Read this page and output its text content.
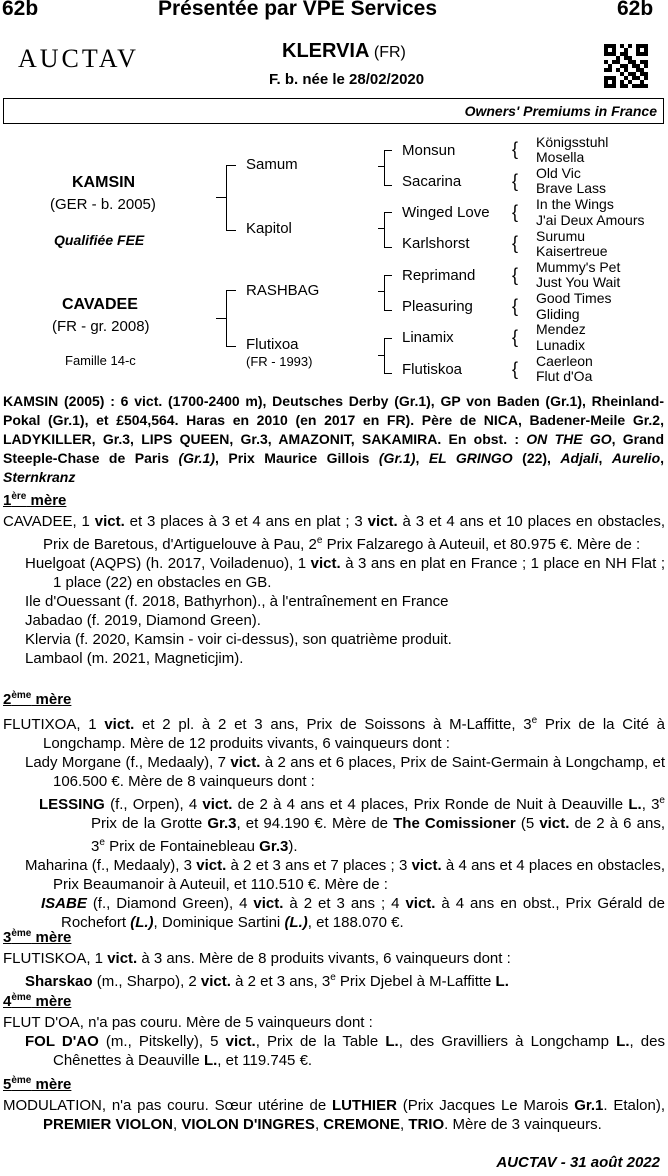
62b	Présentée par VPE Services	62b
AUCTAV	KLERVIA (FR)
F. b. née le 28/02/2020
Owners' Premiums in France
KAMSIN
(GER - b. 2005)
Qualifiée FEE
CAVADEE
(FR - gr. 2008)
Famille 14-c
Samum
Kapitol
RASHBAG
Flutixoa
(FR - 1993)
Monsun
Sacarina
Winged Love
Karlshorst
Reprimand
Pleasuring
Linamix
Flutiskoa
{
{
{
{
{
{
{
{
Königsstuhl
Mosella
Old Vic
Brave Lass
In the Wings
J'ai Deux Amours
Surumu
Kaisertreue
Mummy's Pet
Just You Wait
Good Times
Gliding
Mendez
Lunadix
Caerleon
Flut d'Oa
KAMSIN (2005) : 6 vict. (1700-2400 m), Deutsches Derby (Gr.1), GP von Baden (Gr.1), Rheinland-Pokal (Gr.1), et £504,564. Haras en 2010 (en 2017 en FR). Père de NICA, Badener-Meile Gr.2, LADYKILLER, Gr.3, LIPS QUEEN, Gr.3, AMAZONIT, SAKAMIRA. En obst. : ON THE GO, Grand Steeple-Chase de Paris (Gr.1), Prix Maurice Gillois (Gr.1), EL GRINGO (22), Adjali, Aurelio, Sternkranz
1ère mère
CAVADEE, 1 vict. et 3 places à 3 et 4 ans en plat ; 3 vict. à 3 et 4 ans et 10 places en obstacles, Prix de Baretous, d'Artiguelouve à Pau, 2e Prix Falzarego à Auteuil, et 80.975 €. Mère de :
Huelgoat (AQPS) (h. 2017, Voiladenuo), 1 vict. à 3 ans en plat en France ; 1 place en NH Flat ; 1 place (22) en obstacles en GB.
Ile d'Ouessant (f. 2018, Bathyrhon)., à l'entraînement en France
Jabadao (f. 2019, Diamond Green).
Klervia (f. 2020, Kamsin - voir ci-dessus), son quatrième produit.
Lambaol (m. 2021, Magneticjim).
2ème mère
FLUTIXOA, 1 vict. et 2 pl. à 2 et 3 ans, Prix de Soissons à M-Laffitte, 3e Prix de la Cité à Longchamp. Mère de 12 produits vivants, 6 vainqueurs dont :
Lady Morgane (f., Medaaly), 7 vict. à 2 ans et 6 places, Prix de Saint-Germain à Longchamp, et 106.500 €. Mère de 8 vainqueurs dont :
LESSING (f., Orpen), 4 vict. de 2 à 4 ans et 4 places, Prix Ronde de Nuit à Deauville L., 3e Prix de la Grotte Gr.3, et 94.190 €. Mère de The Comissioner (5 vict. de 2 à 6 ans, 3e Prix de Fontainebleau Gr.3).
Maharina (f., Medaaly), 3 vict. à 2 et 3 ans et 7 places ; 3 vict. à 4 ans et 4 places en obstacles, Prix Beaumanoir à Auteuil, et 110.510 €. Mère de :
ISABE (f., Diamond Green), 4 vict. à 2 et 3 ans ; 4 vict. à 4 ans en obst., Prix Gérald de Rochefort (L.), Dominique Sartini (L.), et 188.070 €.
3ème mère
FLUTISKOA, 1 vict. à 3 ans. Mère de 8 produits vivants, 6 vainqueurs dont :
Sharskao (m., Sharpo), 2 vict. à 2 et 3 ans, 3e Prix Djebel à M-Laffitte L.
4ème mère
FLUT D'OA, n'a pas couru. Mère de 5 vainqueurs dont :
FOL D'AO (m., Pitskelly), 5 vict., Prix de la Table L., des Gravilliers à Longchamp L., des Chênettes à Deauville L., et 119.745 €.
5ème mère
MODULATION, n'a pas couru. Sœur utérine de LUTHIER (Prix Jacques Le Marois Gr.1. Etalon), PREMIER VIOLON, VIOLON D'INGRES, CREMONE, TRIO. Mère de 3 vainqueurs.
AUCTAV - 31 août 2022
